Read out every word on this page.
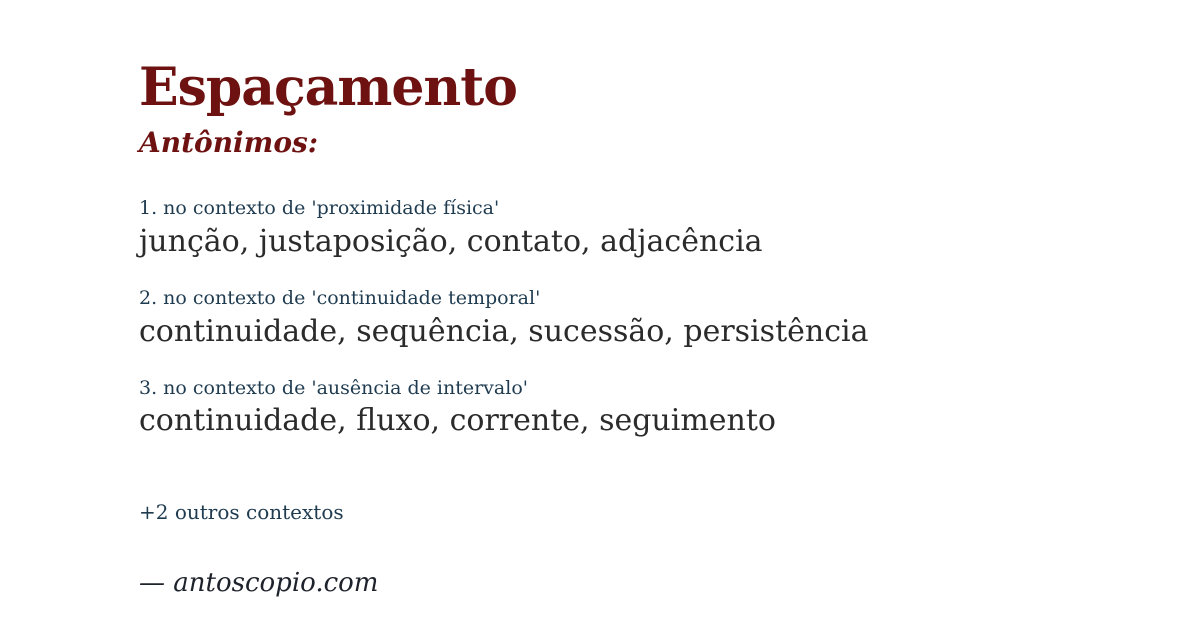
Espaçamento
Antônimos:
1. no contexto de 'proximidade física'
junção, justaposição, contato, adjacência
2. no contexto de 'continuidade temporal'
continuidade, sequência, sucessão, persistência
3. no contexto de 'ausência de intervalo'
continuidade, fluxo, corrente, seguimento
+2 outros contextos
— antoscopio.com
